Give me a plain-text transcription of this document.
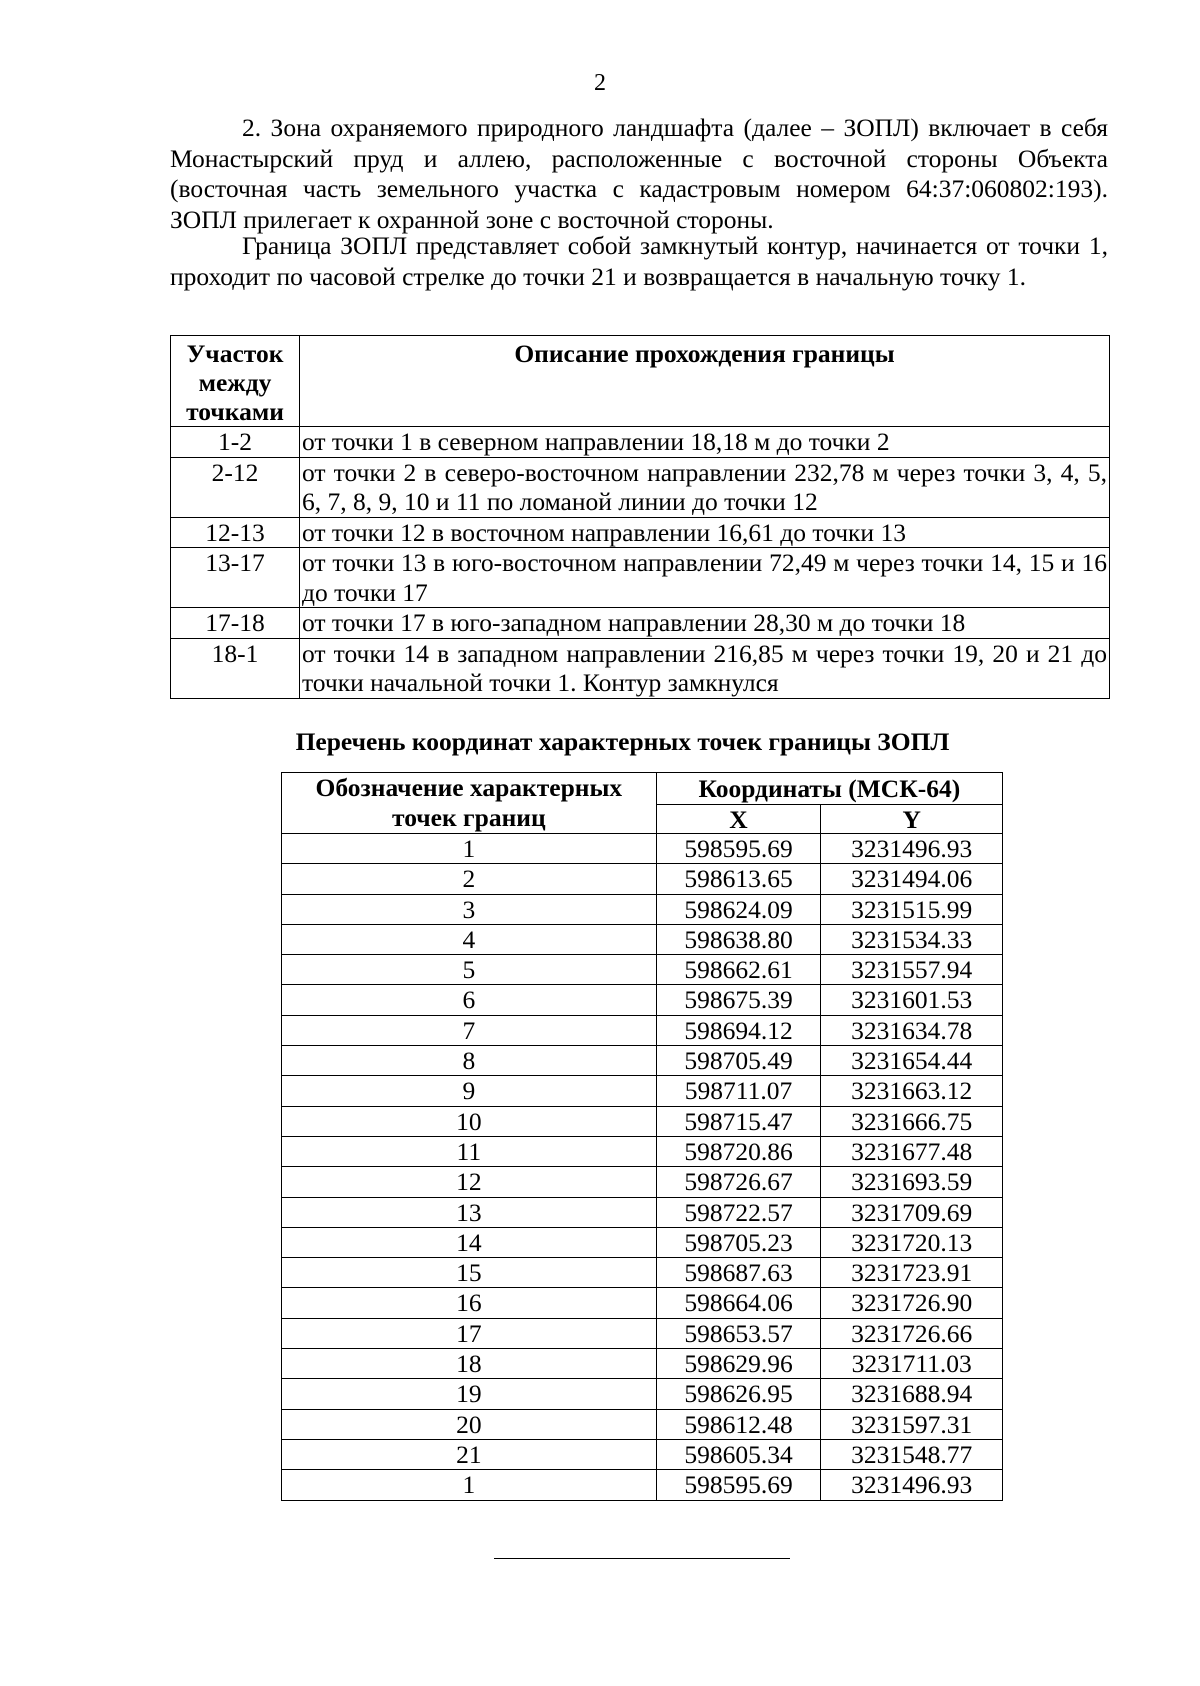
2

2. Зона охраняемого природного ландшафта (далее – ЗОПЛ) включает в себя Монастырский пруд и аллею, расположенные с восточной стороны Объекта (восточная часть земельного участка с кадастровым номером 64:37:060802:193). ЗОПЛ прилегает к охранной зоне с восточной стороны.

Граница ЗОПЛ представляет собой замкнутый контур, начинается от точки 1, проходит по часовой стрелке до точки 21 и возвращается в начальную точку 1.

Участок между точками	Описание прохождения границы
1-2	от точки 1 в северном направлении 18,18 м до точки 2
2-12	от точки 2 в северо-восточном направлении 232,78 м через точки 3, 4, 5, 6, 7, 8, 9, 10 и 11 по ломаной линии до точки 12
12-13	от точки 12 в восточном направлении 16,61 до точки 13
13-17	от точки 13 в юго-восточном направлении 72,49 м через точки 14, 15 и 16 до точки 17
17-18	от точки 17 в юго-западном направлении 28,30 м до точки 18
18-1	от точки 14 в западном направлении 216,85 м через точки 19, 20 и 21 до точки начальной точки 1. Контур замкнулся
Перечень координат характерных точек границы ЗОПЛ
Обозначение характерных точек границ	Координаты (МСК-64)	
	X	Y
1	598595.69	3231496.93
2	598613.65	3231494.06
3	598624.09	3231515.99
4	598638.80	3231534.33
5	598662.61	3231557.94
6	598675.39	3231601.53
7	598694.12	3231634.78
8	598705.49	3231654.44
9	598711.07	3231663.12
10	598715.47	3231666.75
11	598720.86	3231677.48
12	598726.67	3231693.59
13	598722.57	3231709.69
14	598705.23	3231720.13
15	598687.63	3231723.91
16	598664.06	3231726.90
17	598653.57	3231726.66
18	598629.96	3231711.03
19	598626.95	3231688.94
20	598612.48	3231597.31
21	598605.34	3231548.77
1	598595.69	3231496.93
